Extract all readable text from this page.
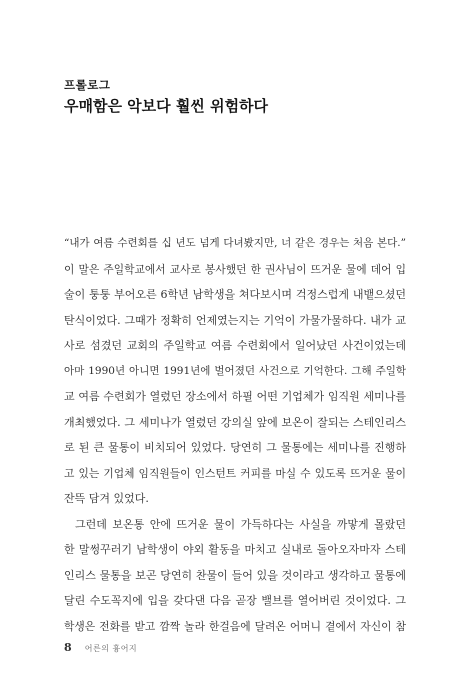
프롤로그
우매함은 악보다 훨씬 위험하다
“내가 여름 수련회를 십 년도 넘게 다녀봤지만, 너 같은 경우는 처음 본다.”
이 말은 주일학교에서 교사로 봉사했던 한 권사님이 뜨거운 물에 데어 입
술이 퉁퉁 부어오른 6학년 남학생을 쳐다보시며 걱정스럽게 내뱉으셨던
탄식이었다. 그때가 정확히 언제였는지는 기억이 가물가물하다. 내가 교
사로 섬겼던 교회의 주일학교 여름 수련회에서 일어났던 사건이었는데
아마 1990년 아니면 1991년에 벌어졌던 사건으로 기억한다. 그해 주일학
교 여름 수련회가 열렸던 장소에서 하필 어떤 기업체가 임직원 세미나를
개최했었다. 그 세미나가 열렸던 강의실 앞에 보온이 잘되는 스테인리스
로 된 큰 물통이 비치되어 있었다. 당연히 그 물통에는 세미나를 진행하
고 있는 기업체 임직원들이 인스턴트 커피를 마실 수 있도록 뜨거운 물이
잔뜩 담겨 있었다.
그런데 보온통 안에 뜨거운 물이 가득하다는 사실을 까맣게 몰랐던
한 말썽꾸러기 남학생이 야외 활동을 마치고 실내로 돌아오자마자 스테
인리스 물통을 보곤 당연히 찬물이 들어 있을 것이라고 생각하고 물통에
달린 수도꼭지에 입을 갖다댄 다음 곧장 밸브를 열어버린 것이었다. 그
학생은 전화를 받고 깜짝 놀라 한걸음에 달려온 어머니 곁에서 자신이 참
8 어른의 흉어지
